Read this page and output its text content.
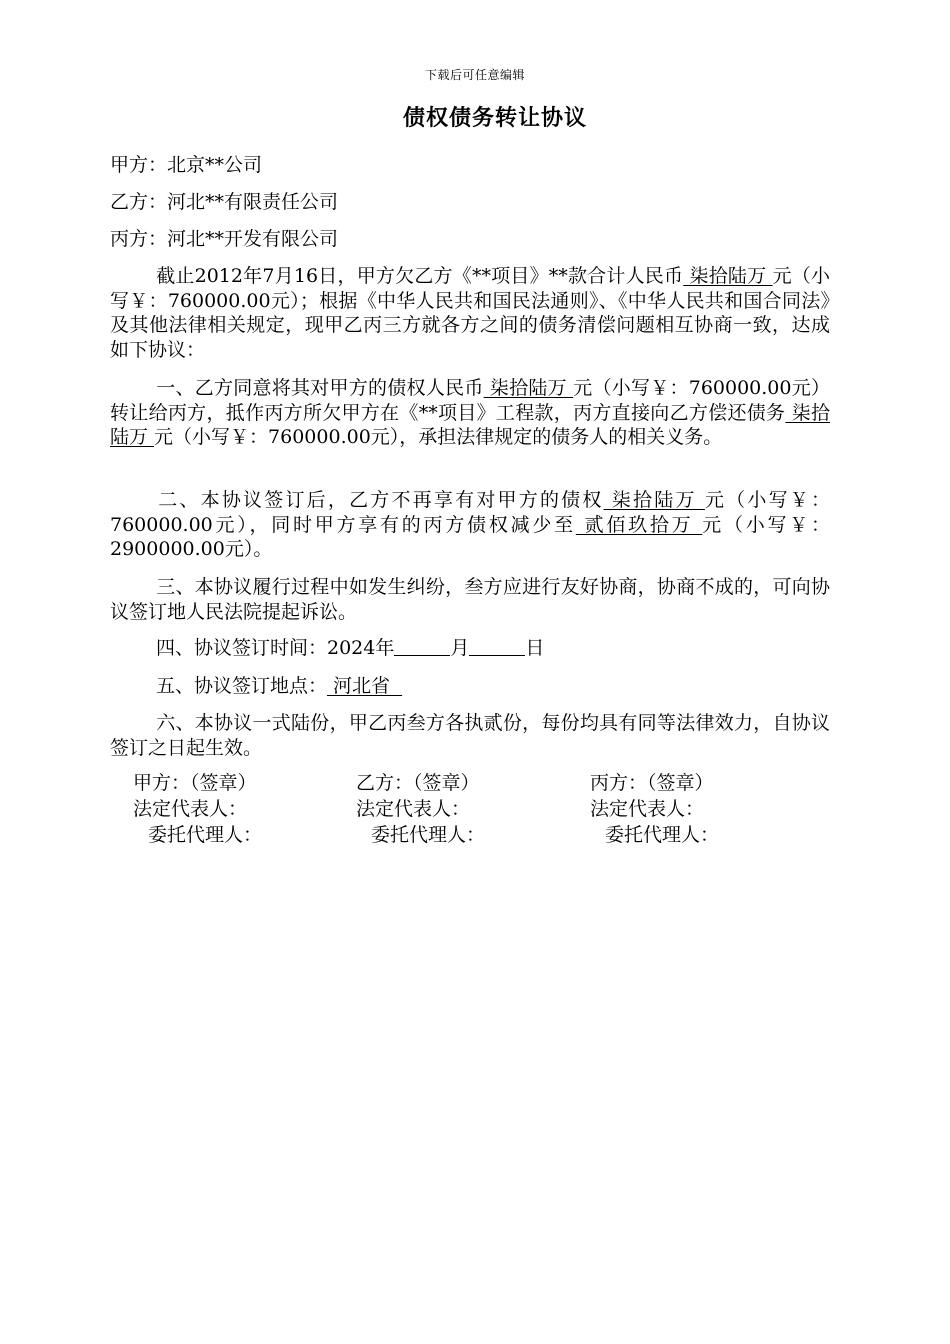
下载后可任意编辑
债权债务转让协议
甲方：北京**公司
乙方：河北**有限责任公司
丙方：河北**开发有限公司
截止2012年7月16日，甲方欠乙方《**项目》**款合计人民币 柒拾陆万 元（小写￥：760000.00元）；根据《中华人民共和国民法通则》、《中华人民共和国合同法》及其他法律相关规定，现甲乙丙三方就各方之间的债务清偿问题相互协商一致，达成如下协议：
一、乙方同意将其对甲方的债权人民币 柒拾陆万 元（小写￥：760000.00元）转让给丙方，抵作丙方所欠甲方在《**项目》工程款，丙方直接向乙方偿还债务 柒拾陆万 元（小写￥：760000.00元），承担法律规定的债务人的相关义务。
二、本协议签订后，乙方不再享有对甲方的债权 柒拾陆万 元（小写￥：760000.00元），同时甲方享有的丙方债权减少至 贰佰玖拾万 元（小写￥：2900000.00元）。
三、本协议履行过程中如发生纠纷，叁方应进行友好协商，协商不成的，可向协议签订地人民法院提起诉讼。
四、协议签订时间：2024年	月	日
五、协议签订地点： 河北省
六、本协议一式陆份，甲乙丙叁方各执贰份，每份均具有同等法律效力，自协议签订之日起生效。
甲方：（签章）
法定代表人：
委托代理人：
乙方：（签章）
法定代表人：
委托代理人：
丙方：（签章）
法定代表人：
委托代理人：
